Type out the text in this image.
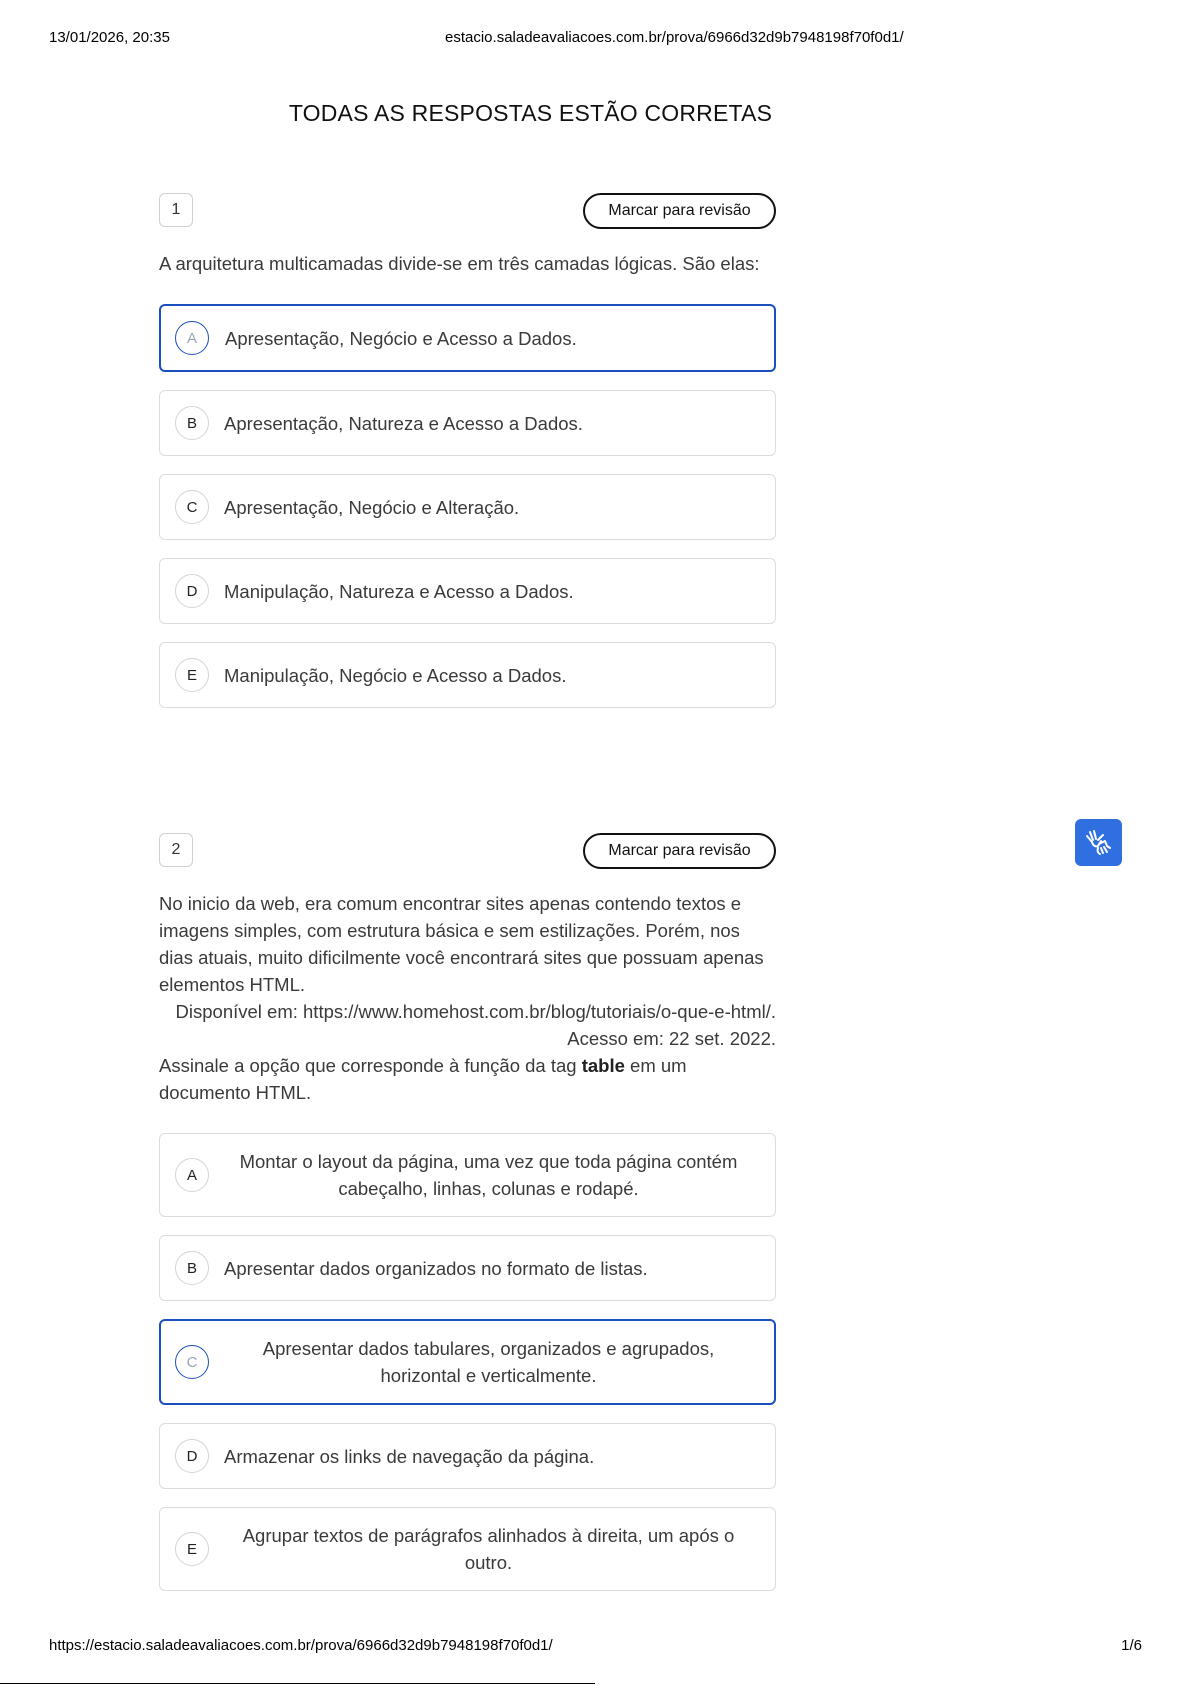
13/01/2026, 20:35	estacio.saladeavaliacoes.com.br/prova/6966d32d9b7948198f70f0d1/
TODAS AS RESPOSTAS ESTÃO CORRETAS
1	Marcar para revisão
A arquitetura multicamadas divide-se em três camadas lógicas. São elas:
A	Apresentação, Negócio e Acesso a Dados.
B	Apresentação, Natureza e Acesso a Dados.
C	Apresentação, Negócio e Alteração.
D	Manipulação, Natureza e Acesso a Dados.
E	Manipulação, Negócio e Acesso a Dados.
2	Marcar para revisão
No inicio da web, era comum encontrar sites apenas contendo textos e imagens simples, com estrutura básica e sem estilizações. Porém, nos dias atuais, muito dificilmente você encontrará sites que possuam apenas elementos HTML.
Disponível em: https://www.homehost.com.br/blog/tutoriais/o-que-e-html/. Acesso em: 22 set. 2022.
Assinale a opção que corresponde à função da tag table em um documento HTML.
A
Montar o layout da página, uma vez que toda página contém cabeçalho, linhas, colunas e rodapé.
B	Apresentar dados organizados no formato de listas.
C
Apresentar dados tabulares, organizados e agrupados, horizontal e verticalmente.
D	Armazenar os links de navegação da página.
E
Agrupar textos de parágrafos alinhados à direita, um após o outro.
https://estacio.saladeavaliacoes.com.br/prova/6966d32d9b7948198f70f0d1/	1/6
